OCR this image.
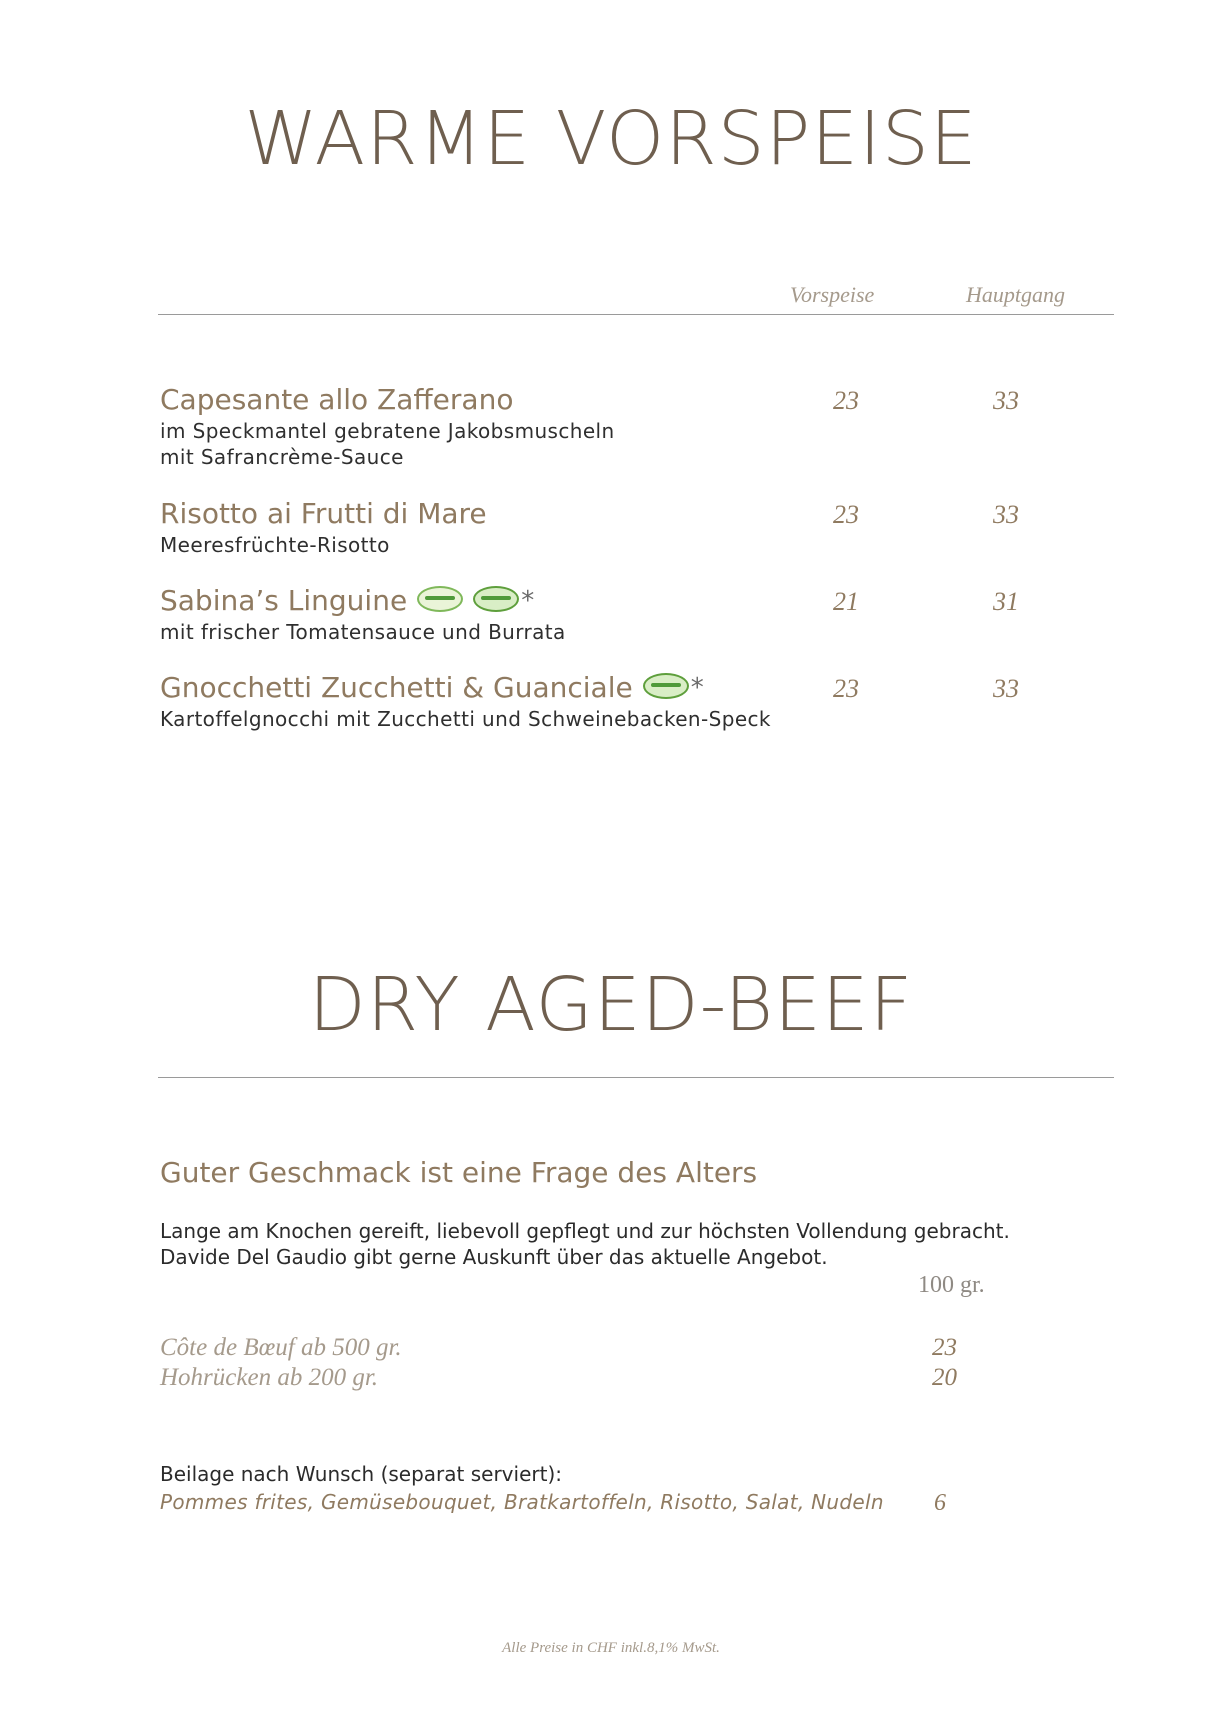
WARME VORSPEISE
Vorspeise	Hauptgang
Capesante allo Zafferano
im Speckmantel gebratene Jakobsmuscheln
mit Safrancrème-Sauce
23	33
Risotto ai Frutti di Mare
Meeresfrüchte-Risotto
23	33
Sabina’s Linguine	*
mit frischer Tomatensauce und Burrata
21	31
Gnocchetti Zucchetti & Guanciale *
Kartoffelgnocchi mit Zucchetti und Schweinebacken-Speck
23	33
DRY AGED-BEEF
Guter Geschmack ist eine Frage des Alters
Lange am Knochen gereift, liebevoll gepflegt und zur höchsten Vollendung gebracht.
Davide Del Gaudio gibt gerne Auskunft über das aktuelle Angebot.
100 gr.
Côte de Bœuf ab 500 gr.	23
Hohrücken ab 200 gr.	20
Beilage nach Wunsch (separat serviert):
Pommes frites, Gemüsebouquet, Bratkartoffeln, Risotto, Salat, Nudeln 6
Alle Preise in CHF inkl.8,1% MwSt.
